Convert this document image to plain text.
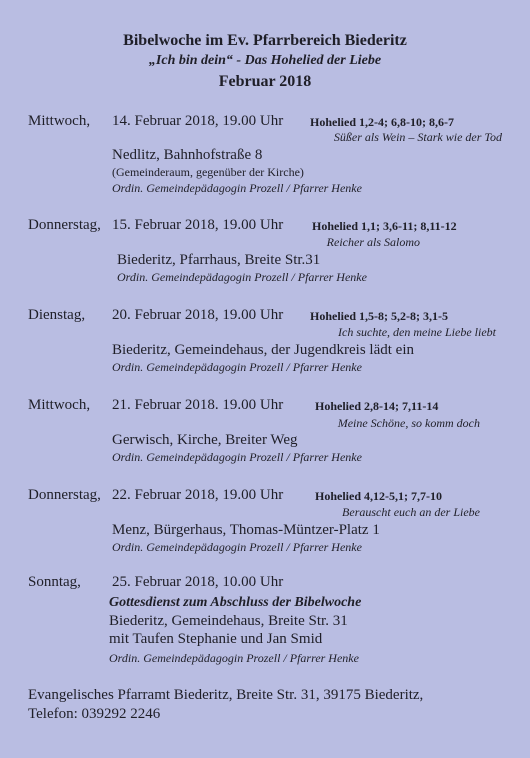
Bibelwoche im Ev. Pfarrbereich Biederitz
„Ich bin dein“ - Das Hohelied der Liebe
Februar 2018
Mittwoch, 14. Februar 2018, 19.00 Uhr Hohelied 1,2-4; 6,8-10; 8,6-7
Süßer als Wein – Stark wie der Tod
Nedlitz, Bahnhofstraße 8
(Gemeinderaum, gegenüber der Kirche)
Ordin. Gemeindepädagogin Prozell / Pfarrer Henke
Donnerstag, 15. Februar 2018, 19.00 Uhr Hohelied 1,1; 3,6-11; 8,11-12
Reicher als Salomo
Biederitz, Pfarrhaus, Breite Str.31
Ordin. Gemeindepädagogin Prozell / Pfarrer Henke
Dienstag, 20. Februar 2018, 19.00 Uhr Hohelied 1,5-8; 5,2-8; 3,1-5
Ich suchte, den meine Liebe liebt
Biederitz, Gemeindehaus, der Jugendkreis lädt ein
Ordin. Gemeindepädagogin Prozell / Pfarrer Henke
Mittwoch, 21. Februar 2018. 19.00 Uhr	Hohelied 2,8-14; 7,11-14
Meine Schöne, so komm doch
Gerwisch, Kirche, Breiter Weg
Ordin. Gemeindepädagogin Prozell / Pfarrer Henke
Donnerstag, 22. Februar 2018, 19.00 Uhr	Hohelied 4,12-5,1; 7,7-10
Berauscht euch an der Liebe
Menz, Bürgerhaus, Thomas-Müntzer-Platz 1
Ordin. Gemeindepädagogin Prozell / Pfarrer Henke
Sonntag, 25. Februar 2018, 10.00 Uhr
Gottesdienst zum Abschluss der Bibelwoche
Biederitz, Gemeindehaus, Breite Str. 31
mit Taufen Stephanie und Jan Smid
Ordin. Gemeindepädagogin Prozell / Pfarrer Henke
Evangelisches Pfarramt Biederitz, Breite Str. 31, 39175 Biederitz,
Telefon: 039292 2246
